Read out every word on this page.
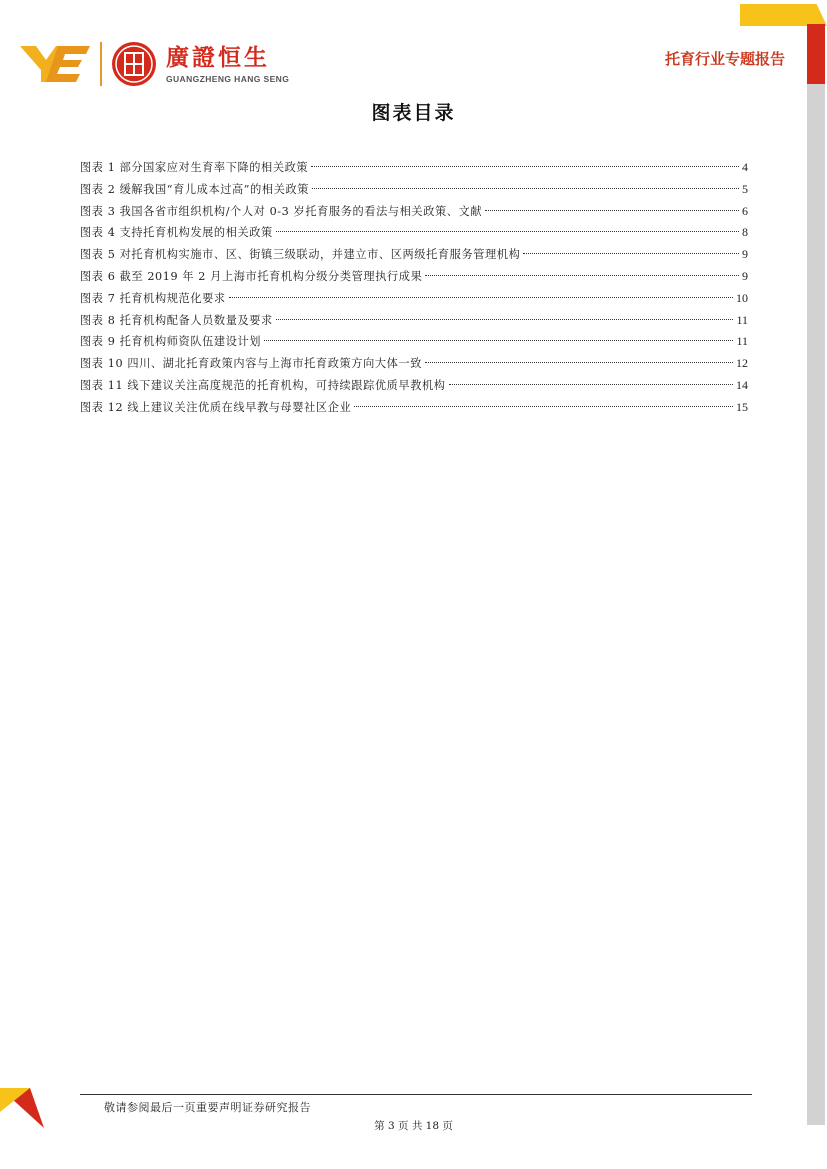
廣證恒生
GUANGZHENG HANG SENG
托育行业专题报告
图表目录
图表 1 部分国家应对生育率下降的相关政策	4
图表 2 缓解我国“育儿成本过高”的相关政策	5
图表 3 我国各省市组织机构/个人对 0-3 岁托育服务的看法与相关政策、文献	6
图表 4 支持托育机构发展的相关政策	8
图表 5 对托育机构实施市、区、街镇三级联动，并建立市、区两级托育服务管理机构	9
图表 6 截至 2019 年 2 月上海市托育机构分级分类管理执行成果	9
图表 7 托育机构规范化要求	10
图表 8 托育机构配备人员数量及要求	11
图表 9 托育机构师资队伍建设计划	11
图表 10 四川、湖北托育政策内容与上海市托育政策方向大体一致	12
图表 11 线下建议关注高度规范的托育机构，可持续跟踪优质早教机构	14
图表 12 线上建议关注优质在线早教与母婴社区企业	15
敬请参阅最后一页重要声明证券研究报告
第 3 页 共 18 页
